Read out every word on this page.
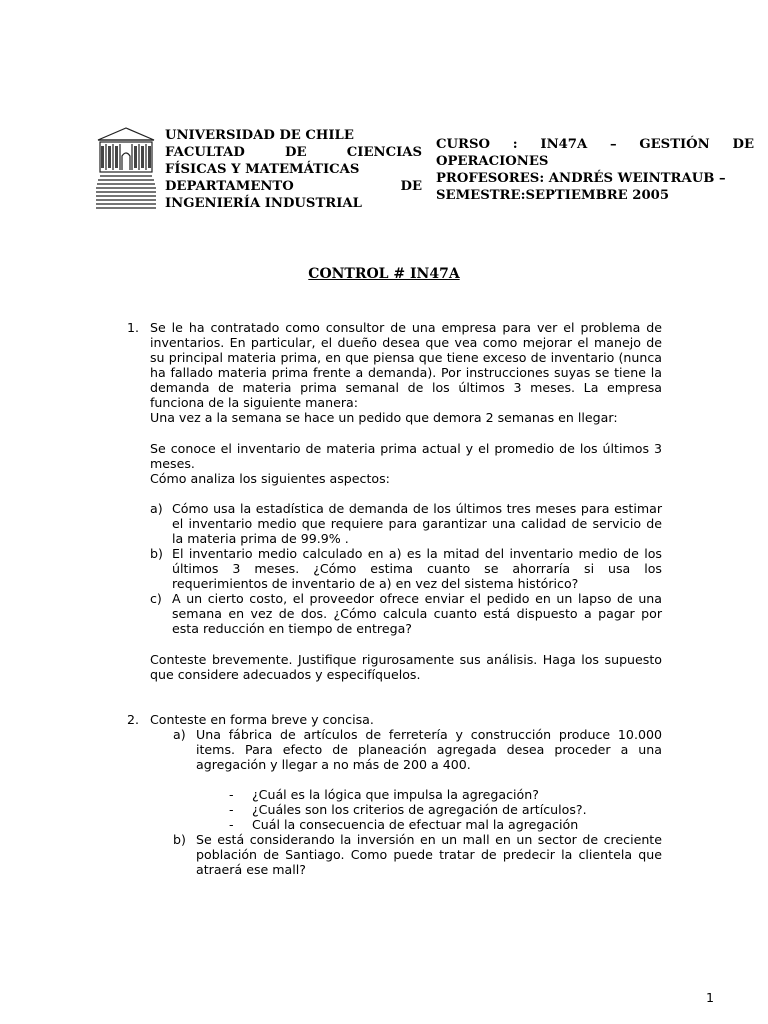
UNIVERSIDAD DE CHILE
FACULTAD DE CIENCIAS
FÍSICAS Y MATEMÁTICAS
DEPARTAMENTO DE
INGENIERÍA INDUSTRIAL
CURSO : IN47A – GESTIÓN DE
OPERACIONES
PROFESORES: ANDRÉS WEINTRAUB –
SEMESTRE:SEPTIEMBRE 2005
CONTROL # IN47A
1. Se le ha contratado como consultor de una empresa para ver el problema de inventarios. En particular, el dueño desea que vea como mejorar el manejo de su principal materia prima, en que piensa que tiene exceso de inventario (nunca ha fallado materia prima frente a demanda). Por instrucciones suyas se tiene la demanda de materia prima semanal de los últimos 3 meses. La empresa funciona de la siguiente manera:
Una vez a la semana se hace un pedido que demora 2 semanas en llegar:
Se conoce el inventario de materia prima actual y el promedio de los últimos 3 meses.
Cómo analiza los siguientes aspectos:
a) Cómo usa la estadística de demanda de los últimos tres meses para estimar el inventario medio que requiere para garantizar una calidad de servicio de la materia prima de 99.9% .
b) El inventario medio calculado en a) es la mitad del inventario medio de los últimos 3 meses. ¿Cómo estima cuanto se ahorraría si usa los requerimientos de inventario de a) en vez del sistema histórico?
c) A un cierto costo, el proveedor ofrece enviar el pedido en un lapso de una semana en vez de dos. ¿Cómo calcula cuanto está dispuesto a pagar por esta reducción en tiempo de entrega?
Conteste brevemente. Justifique rigurosamente sus análisis. Haga los supuesto que considere adecuados y especifíquelos.
2. Conteste en forma breve y concisa.
a) Una fábrica de artículos de ferretería y construcción produce 10.000 items. Para efecto de planeación agregada desea proceder a una agregación y llegar a no más de 200 a 400.
- ¿Cuál es la lógica que impulsa la agregación?
- ¿Cuáles son los criterios de agregación de artículos?.
- Cuál la consecuencia de efectuar mal la agregación
b) Se está considerando la inversión en un mall en un sector de creciente población de Santiago. Como puede tratar de predecir la clientela que atraerá ese mall?
1
